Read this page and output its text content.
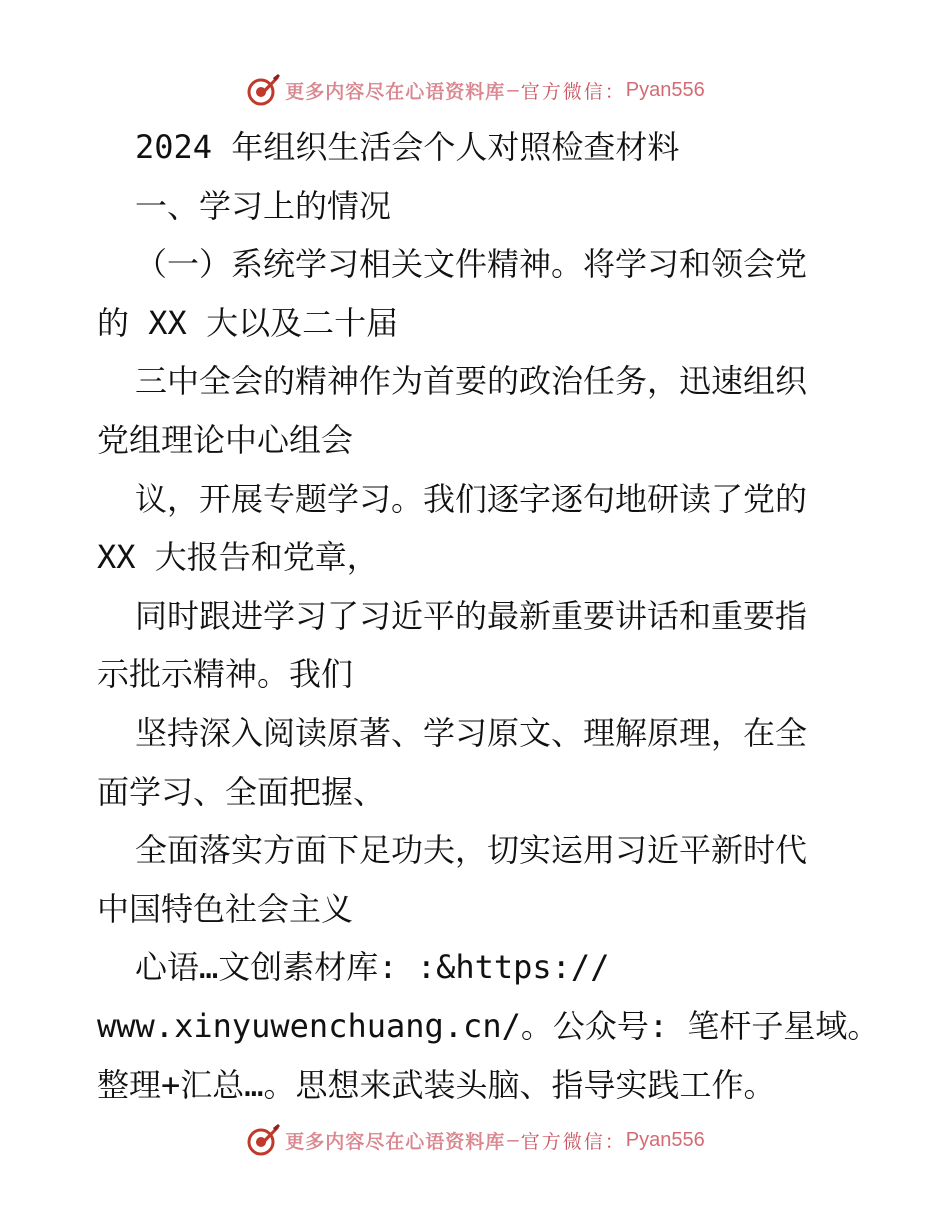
更多内容尽在心语资料库 — 官方微信： Pyan556
2024 年组织生活会个人对照检查材料
一、学习上的情况
（一）系统学习相关文件精神。将学习和领会党
的 XX 大以及二十届
三中全会的精神作为首要的政治任务，迅速组织
党组理论中心组会
议，开展专题学习。我们逐字逐句地研读了党的
XX 大报告和党章，
同时跟进学习了习近平的最新重要讲话和重要指
示批示精神。我们
坚持深入阅读原著、学习原文、理解原理，在全
面学习、全面把握、
全面落实方面下足功夫，切实运用习近平新时代
中国特色社会主义
心语…文创素材库: :&https://
www.xinyuwenchuang.cn/。公众号: 笔杆子星域。
整理+汇总…。思想来武装头脑、指导实践工作。
更多内容尽在心语资料库 — 官方微信： Pyan556
